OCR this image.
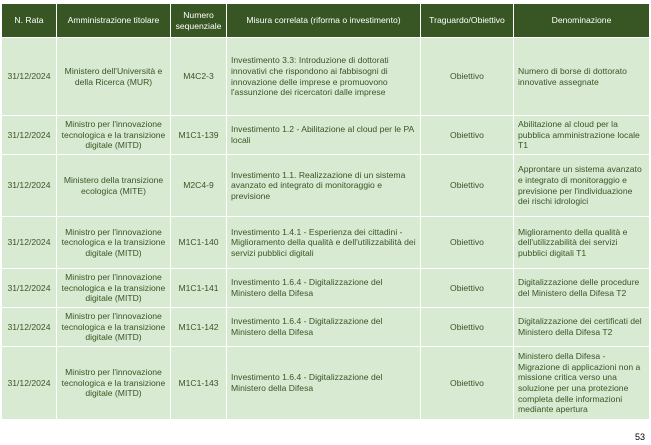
N. Rata	Amministrazione titolare	Numero sequenziale	Misura correlata (riforma o investimento)	Traguardo/Obiettivo	Denominazione
31/12/2024	Ministero dell'Università e della Ricerca (MUR)	M4C2-3	Investimento 3.3: Introduzione di dottorati innovativi che rispondono ai fabbisogni di innovazione delle imprese e promuovono l'assunzione dei ricercatori dalle imprese	Obiettivo	Numero di borse di dottorato innovative assegnate
31/12/2024	Ministro per l'innovazione tecnologica e la transizione digitale (MITD)	M1C1-139	Investimento 1.2 - Abilitazione al cloud per le PA locali	Obiettivo	Abilitazione al cloud per la pubblica amministrazione locale T1
31/12/2024	Ministero della transizione ecologica (MITE)	M2C4-9	Investimento 1.1. Realizzazione di un sistema avanzato ed integrato di monitoraggio e previsione	Obiettivo	Approntare un sistema avanzato e integrato di monitoraggio e previsione per l'individuazione dei rischi idrologici
31/12/2024	Ministro per l'innovazione tecnologica e la transizione digitale (MITD)	M1C1-140	Investimento 1.4.1 - Esperienza dei cittadini - Miglioramento della qualità e dell'utilizzabilità dei servizi pubblici digitali	Obiettivo	Miglioramento della qualità e dell'utilizzabilità dei servizi pubblici digitali T1
31/12/2024	Ministro per l'innovazione tecnologica e la transizione digitale (MITD)	M1C1-141	Investimento 1.6.4 - Digitalizzazione del Ministero della Difesa	Obiettivo	Digitalizzazione delle procedure del Ministero della Difesa T2
31/12/2024	Ministro per l'innovazione tecnologica e la transizione digitale (MITD)	M1C1-142	Investimento 1.6.4 - Digitalizzazione del Ministero della Difesa	Obiettivo	Digitalizzazione dei certificati del Ministero della Difesa T2
31/12/2024	Ministro per l'innovazione tecnologica e la transizione digitale (MITD)	M1C1-143	Investimento 1.6.4 - Digitalizzazione del Ministero della Difesa	Obiettivo	Ministero della Difesa - Migrazione di applicazioni non a missione critica verso una soluzione per una protezione completa delle informazioni mediante apertura
53
